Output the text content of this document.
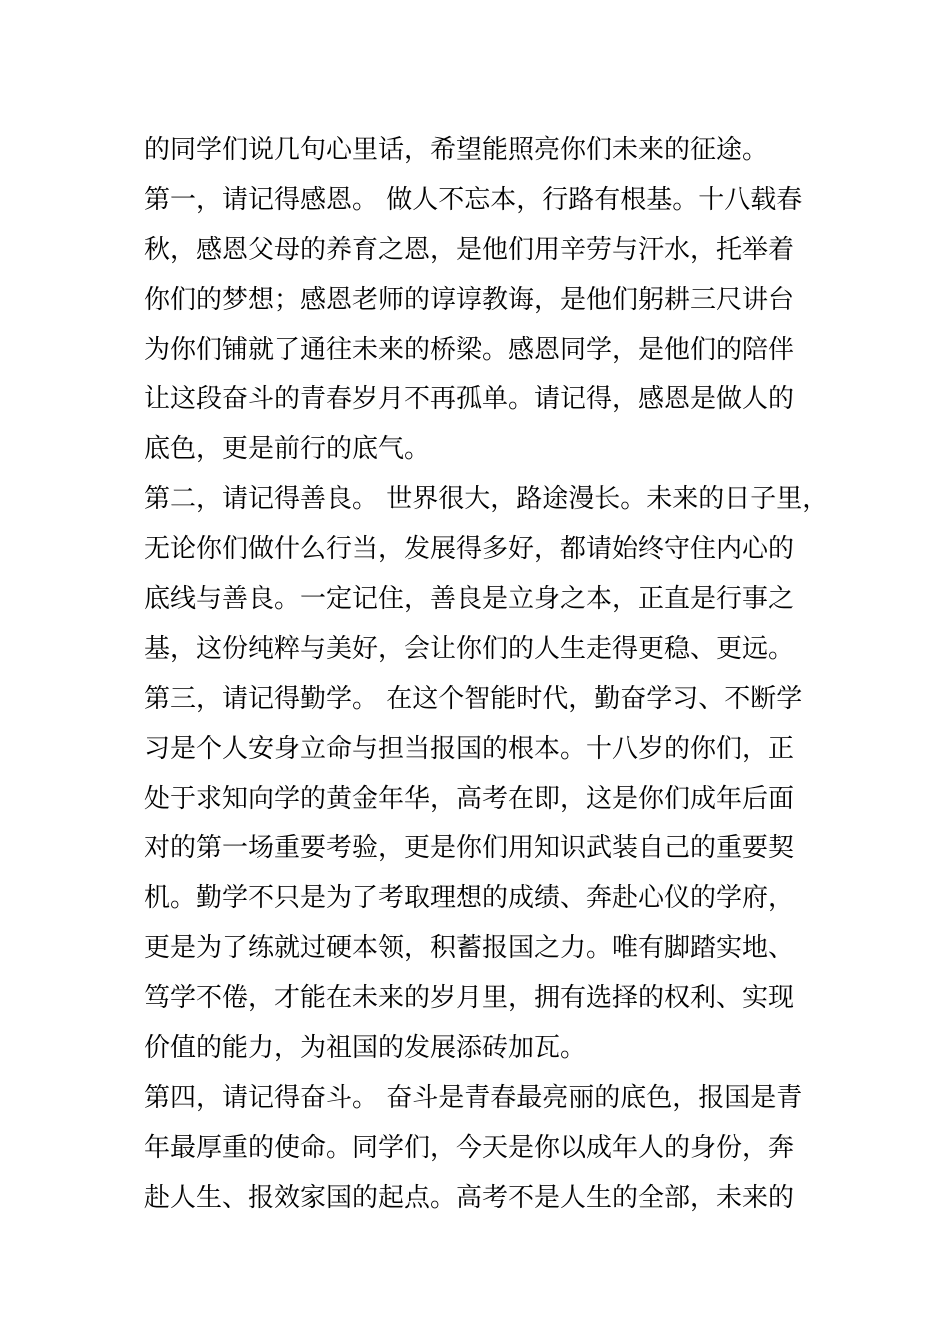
的同学们说几句心里话，希望能照亮你们未来的征途。
第一，请记得感恩。 做人不忘本，行路有根基。十八载春
秋，感恩父母的养育之恩，是他们用辛劳与汗水，托举着
你们的梦想；感恩老师的谆谆教诲，是他们躬耕三尺讲台
为你们铺就了通往未来的桥梁。感恩同学，是他们的陪伴
让这段奋斗的青春岁月不再孤单。请记得，感恩是做人的
底色，更是前行的底气。
第二，请记得善良。 世界很大，路途漫长。未来的日子里，
无论你们做什么行当，发展得多好，都请始终守住内心的
底线与善良。一定记住，善良是立身之本，正直是行事之
基，这份纯粹与美好，会让你们的人生走得更稳、更远。
第三，请记得勤学。 在这个智能时代，勤奋学习、不断学
习是个人安身立命与担当报国的根本。十八岁的你们，正
处于求知向学的黄金年华，高考在即，这是你们成年后面
对的第一场重要考验，更是你们用知识武装自己的重要契
机。勤学不只是为了考取理想的成绩、奔赴心仪的学府，
更是为了练就过硬本领，积蓄报国之力。唯有脚踏实地、
笃学不倦，才能在未来的岁月里，拥有选择的权利、实现
价值的能力，为祖国的发展添砖加瓦。
第四，请记得奋斗。 奋斗是青春最亮丽的底色，报国是青
年最厚重的使命。同学们，今天是你以成年人的身份，奔
赴人生、报效家国的起点。高考不是人生的全部，未来的
